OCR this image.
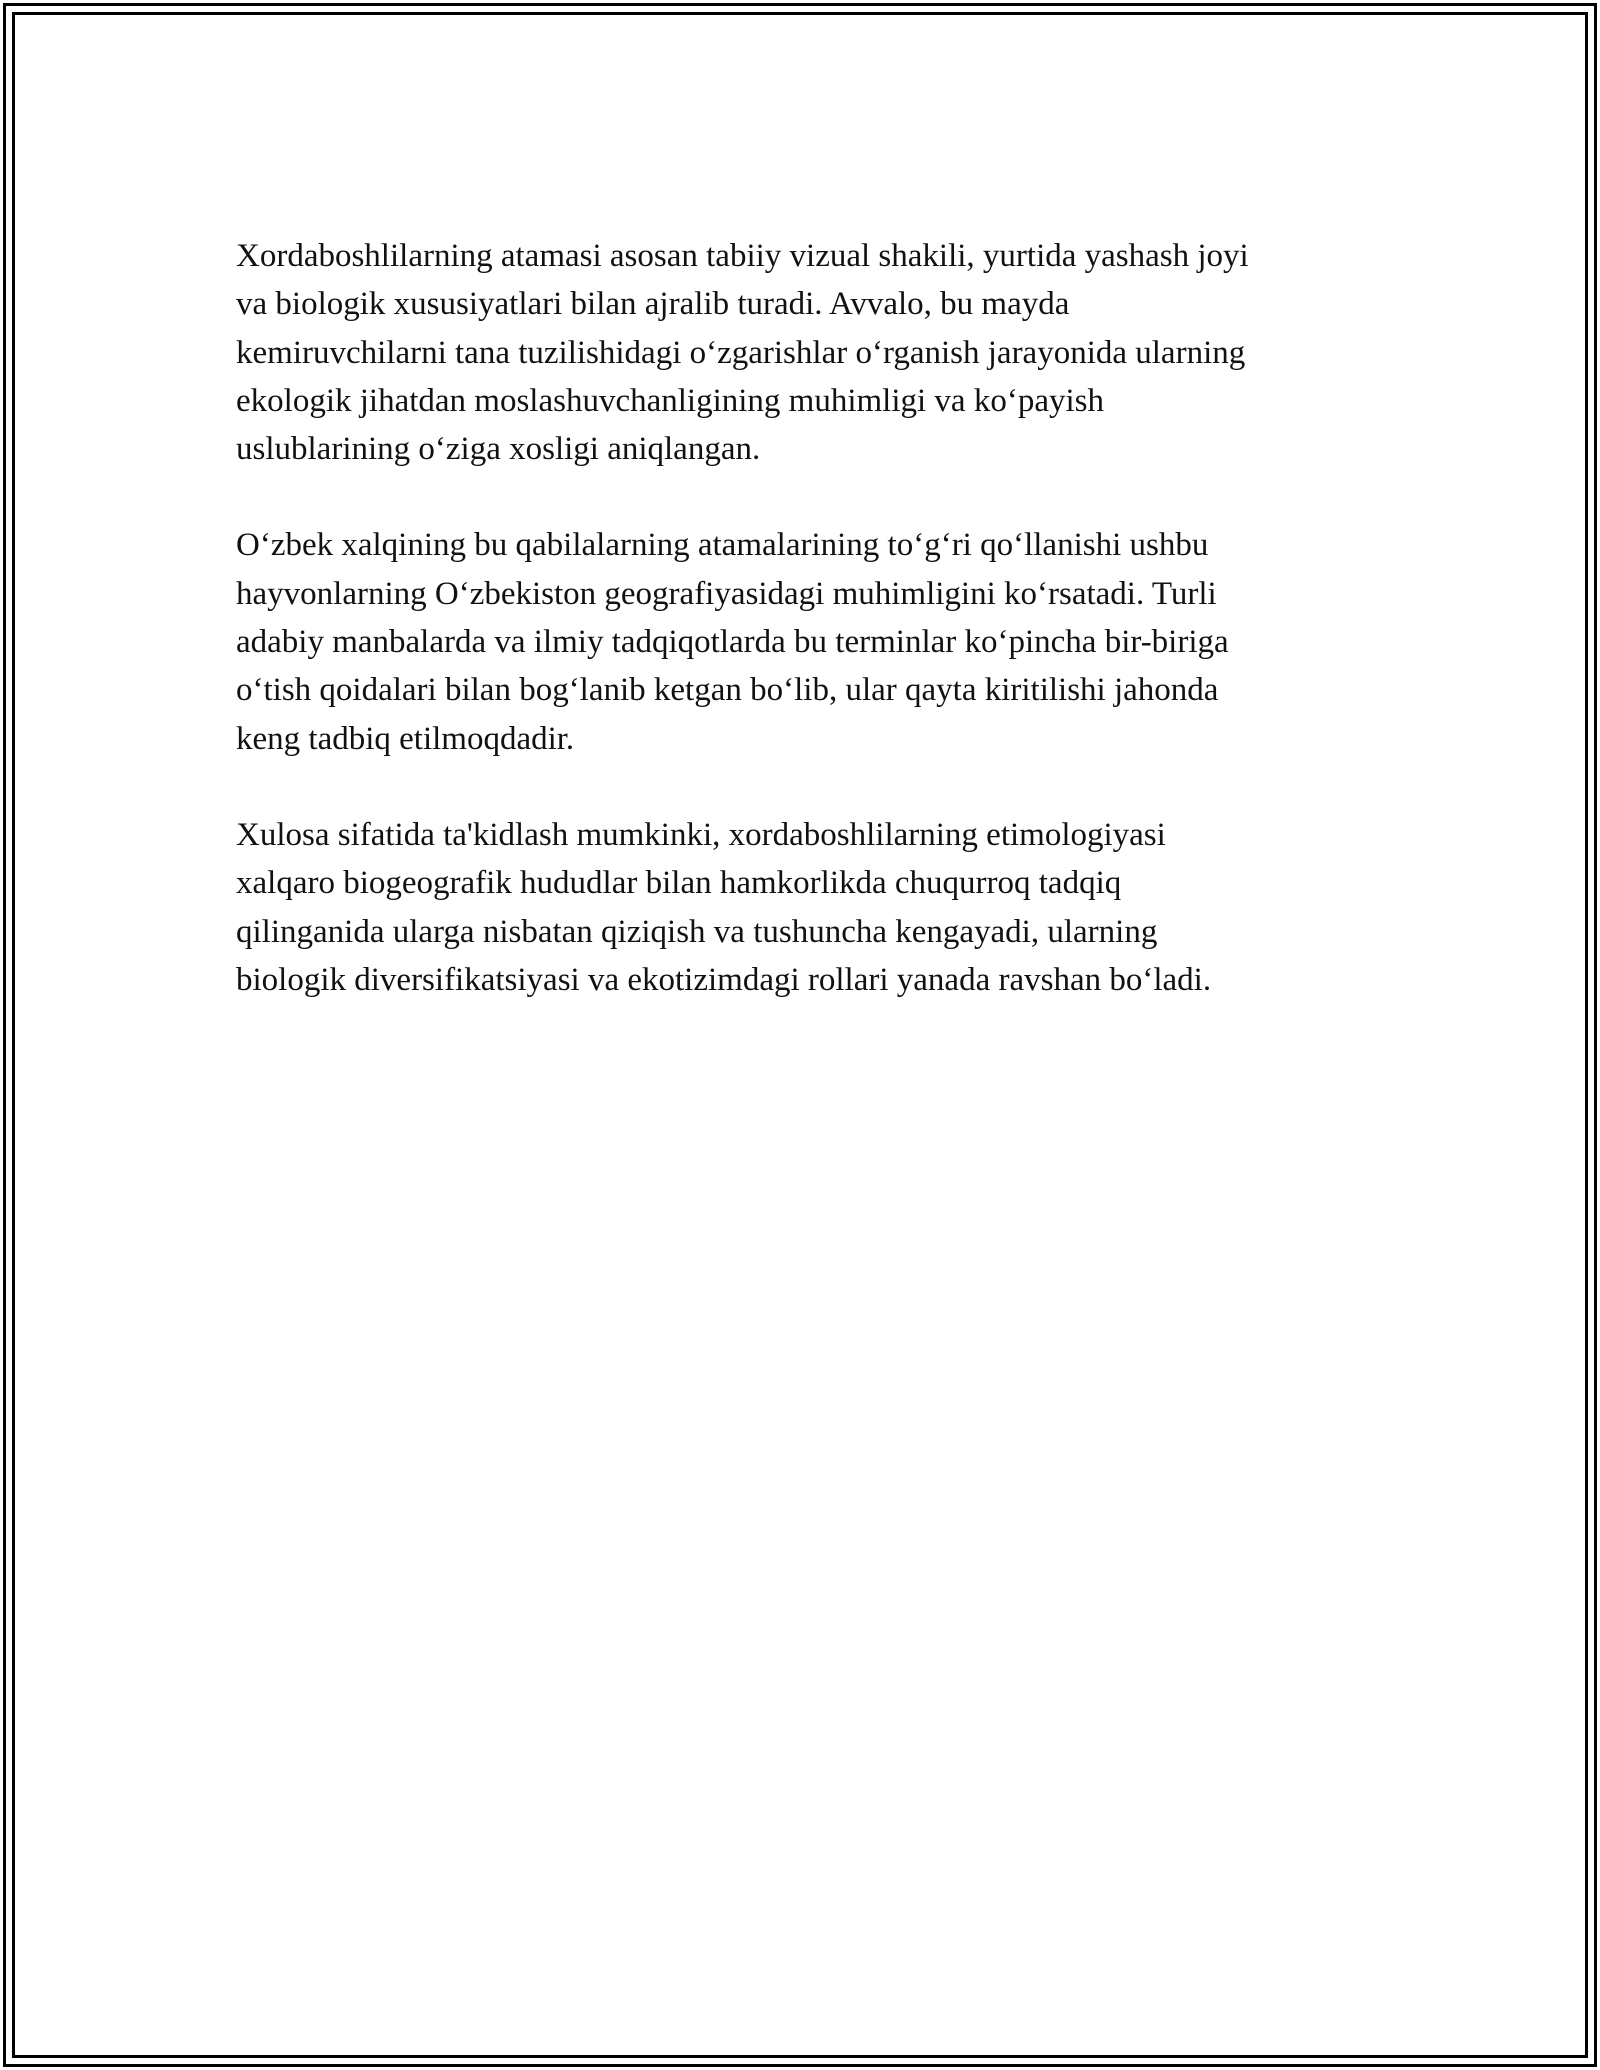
Xordaboshlilarning atamasi asosan tabiiy vizual shakili, yurtida yashash joyi
va biologik xususiyatlari bilan ajralib turadi. Avvalo, bu mayda
kemiruvchilarni tana tuzilishidagi o‘zgarishlar o‘rganish jarayonida ularning
ekologik jihatdan moslashuvchanligining muhimligi va ko‘payish
uslublarining o‘ziga xosligi aniqlangan.

O‘zbek xalqining bu qabilalarning atamalarining to‘g‘ri qo‘llanishi ushbu
hayvonlarning O‘zbekiston geografiyasidagi muhimligini ko‘rsatadi. Turli
adabiy manbalarda va ilmiy tadqiqotlarda bu terminlar ko‘pincha bir-biriga
o‘tish qoidalari bilan bog‘lanib ketgan bo‘lib, ular qayta kiritilishi jahonda
keng tadbiq etilmoqdadir.

Xulosa sifatida ta'kidlash mumkinki, xordaboshlilarning etimologiyasi
xalqaro biogeografik hududlar bilan hamkorlikda chuqurroq tadqiq
qilinganida ularga nisbatan qiziqish va tushuncha kengayadi, ularning
biologik diversifikatsiyasi va ekotizimdagi rollari yanada ravshan bo‘ladi.
